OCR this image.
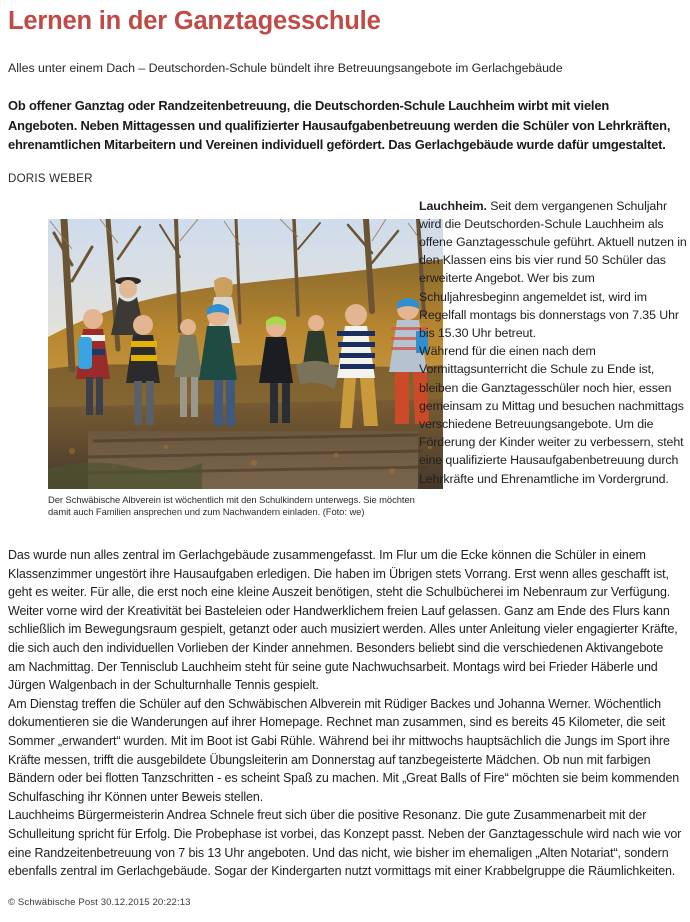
Lernen in der Ganztagesschule

Alles unter einem Dach – Deutschorden-Schule bündelt ihre Betreuungsangebote im Gerlachgebäude

Ob offener Ganztag oder Randzeitenbetreuung, die Deutschorden-Schule Lauchheim wirbt mit vielen Angeboten. Neben Mittagessen und qualifizierter Hausaufgabenbetreuung werden die Schüler von Lehrkräften, ehrenamtlichen Mitarbeitern und Vereinen individuell gefördert. Das Gerlachgebäude wurde dafür umgestaltet.

DORIS WEBER

Der Schwäbische Albverein ist wöchentlich mit den Schulkindern unterwegs. Sie möchten damit auch Familien ansprechen und zum Nachwandern einladen. (Foto: we)

Lauchheim. Seit dem vergangenen Schuljahr wird die Deutschorden-Schule Lauchheim als offene Ganztagesschule geführt. Aktuell nutzen in den Klassen eins bis vier rund 50 Schüler das erweiterte Angebot. Wer bis zum Schuljahresbeginn angemeldet ist, wird im Regelfall montags bis donnerstags von 7.35 Uhr bis 15.30 Uhr betreut.

Während für die einen nach dem Vormittagsunterricht die Schule zu Ende ist, bleiben die Ganztagesschüler noch hier, essen gemeinsam zu Mittag und besuchen nachmittags verschiedene Betreuungsangebote. Um die Förderung der Kinder weiter zu verbessern, steht eine qualifizierte Hausaufgabenbetreuung durch Lehrkräfte und Ehrenamtliche im Vordergrund.

Das wurde nun alles zentral im Gerlachgebäude zusammengefasst. Im Flur um die Ecke können die Schüler in einem Klassenzimmer ungestört ihre Hausaufgaben erledigen. Die haben im Übrigen stets Vorrang. Erst wenn alles geschafft ist, geht es weiter. Für alle, die erst noch eine kleine Auszeit benötigen, steht die Schulbücherei im Nebenraum zur Verfügung.

Weiter vorne wird der Kreativität bei Basteleien oder Handwerklichem freien Lauf gelassen. Ganz am Ende des Flurs kann schließlich im Bewegungsraum gespielt, getanzt oder auch musiziert werden. Alles unter Anleitung vieler engagierter Kräfte, die sich auch den individuellen Vorlieben der Kinder annehmen. Besonders beliebt sind die verschiedenen Aktivangebote am Nachmittag. Der Tennisclub Lauchheim steht für seine gute Nachwuchsarbeit. Montags wird bei Frieder Häberle und Jürgen Walgenbach in der Schulturnhalle Tennis gespielt.

Am Dienstag treffen die Schüler auf den Schwäbischen Albverein mit Rüdiger Backes und Johanna Werner. Wöchentlich dokumentieren sie die Wanderungen auf ihrer Homepage. Rechnet man zusammen, sind es bereits 45 Kilometer, die seit Sommer „erwandert“ wurden. Mit im Boot ist Gabi Rühle. Während bei ihr mittwochs hauptsächlich die Jungs im Sport ihre Kräfte messen, trifft die ausgebildete Übungsleiterin am Donnerstag auf tanzbegeisterte Mädchen. Ob nun mit farbigen Bändern oder bei flotten Tanzschritten - es scheint Spaß zu machen. Mit „Great Balls of Fire“ möchten sie beim kommenden Schulfasching ihr Können unter Beweis stellen.

Lauchheims Bürgermeisterin Andrea Schnele freut sich über die positive Resonanz. Die gute Zusammenarbeit mit der Schulleitung spricht für Erfolg. Die Probephase ist vorbei, das Konzept passt. Neben der Ganztagesschule wird nach wie vor eine Randzeitenbetreuung von 7 bis 13 Uhr angeboten. Und das nicht, wie bisher im ehemaligen „Alten Notariat“, sondern ebenfalls zentral im Gerlachgebäude. Sogar der Kindergarten nutzt vormittags mit einer Krabbelgruppe die Räumlichkeiten.

© Schwäbische Post 30.12.2015 20:22:13
